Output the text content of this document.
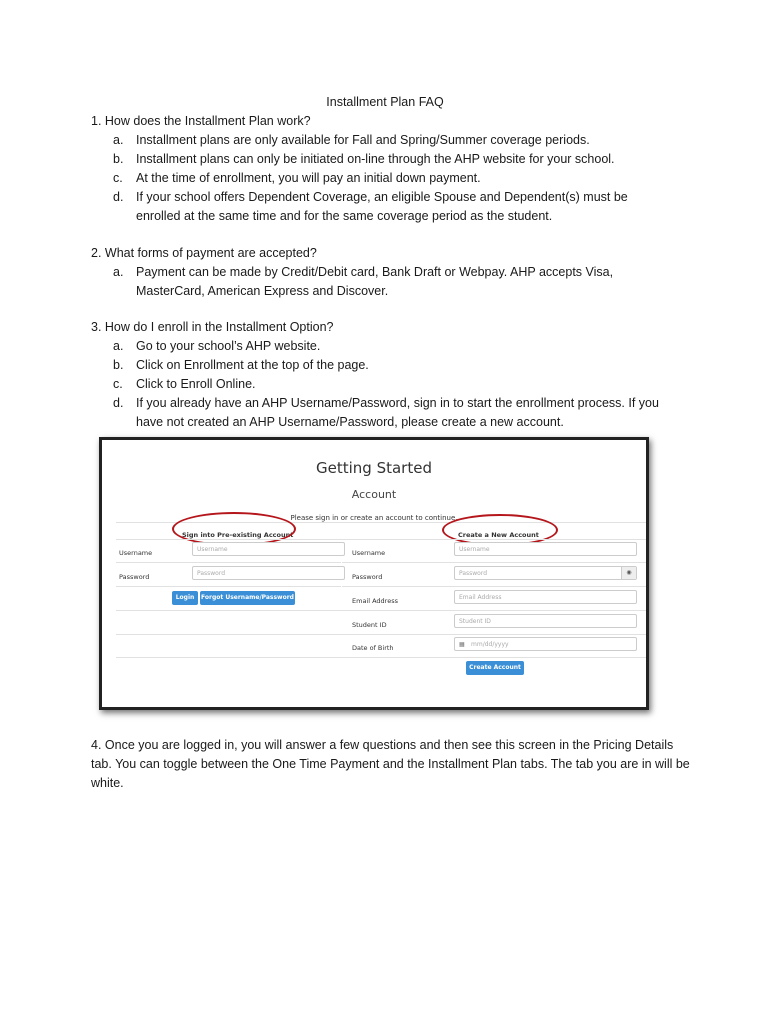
Installment Plan FAQ
1. How does the Installment Plan work?
a. Installment plans are only available for Fall and Spring/Summer coverage periods.
b. Installment plans can only be initiated on-line through the AHP website for your school.
c. At the time of enrollment, you will pay an initial down payment.
d. If your school offers Dependent Coverage, an eligible Spouse and Dependent(s) must be enrolled at the same time and for the same coverage period as the student.
2. What forms of payment are accepted?
a. Payment can be made by Credit/Debit card, Bank Draft or Webpay. AHP accepts Visa, MasterCard, American Express and Discover.
3. How do I enroll in the Installment Option?
a. Go to your school’s AHP website.
b. Click on Enrollment at the top of the page.
c. Click to Enroll Online.
d. If you already have an AHP Username/Password, sign in to start the enrollment process. If you have not created an AHP Username/Password, please create a new account.
Getting Started
Account
Please sign in or create an account to continue.
Sign into Pre-existing Account	Create a New Account
Username	Username
Password	Password
Login	Forgot Username/Password
Username	Username
Password	Password	◉
Email Address	Email Address
Student ID	Student ID
Date of Birth	▦ mm/dd/yyyy
Create Account
4. Once you are logged in, you will answer a few questions and then see this screen in the Pricing Details tab. You can toggle between the One Time Payment and the Installment Plan tabs. The tab you are in will be white.
